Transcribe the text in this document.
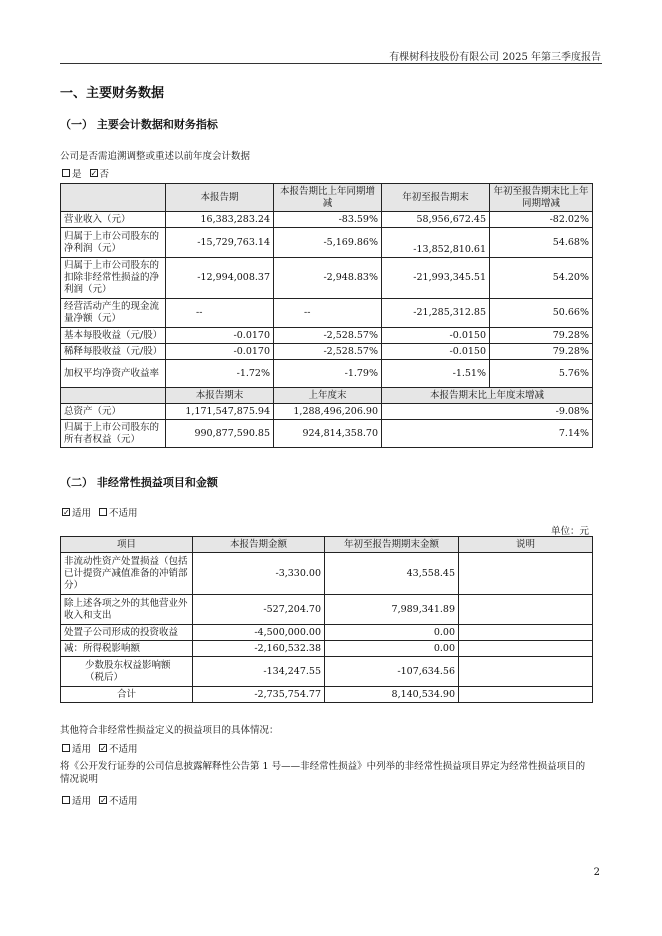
有棵树科技股份有限公司 2025 年第三季度报告
一、主要财务数据
（一） 主要会计数据和财务指标
公司是否需追溯调整或重述以前年度会计数据
是 ✓ 否
	本报告期	本报告期比上年同期增减	年初至报告期末	年初至报告期末比上年同期增减
营业收入（元）	16,383,283.24	-83.59%	58,956,672.45	-82.02%
归属于上市公司股东的净利润（元）	-15,729,763.14	-5,169.86%	-13,852,810.61	54.68%
归属于上市公司股东的扣除非经常性损益的净利润（元）	-12,994,008.37	-2,948.83%	-21,993,345.51	54.20%
经营活动产生的现金流量净额（元）	--	--	-21,285,312.85	50.66%
基本每股收益（元/股）	-0.0170	-2,528.57%	-0.0150	79.28%
稀释每股收益（元/股）	-0.0170	-2,528.57%	-0.0150	79.28%
加权平均净资产收益率	-1.72%	-1.79%	-1.51%	5.76%
	本报告期末	上年度末	本报告期末比上年度末增减	
总资产（元）	1,171,547,875.94	1,288,496,206.90	-9.08%	
归属于上市公司股东的所有者权益（元）	990,877,590.85	924,814,358.70	7.14%	
（二） 非经常性损益项目和金额
✓
适用 不适用
单位：元
项目	本报告期金额	年初至报告期期末金额	说明
非流动性资产处置损益（包括已计提资产减值准备的冲销部分）	-3,330.00	43,558.45	
除上述各项之外的其他营业外收入和支出	-527,204.70	7,989,341.89	
处置子公司形成的投资收益	-4,500,000.00	0.00	
减：所得税影响额	-2,160,532.38	0.00	
少数股东权益影响额（税后）	-134,247.55	-107,634.56	
合计	-2,735,754.77	8,140,534.90	
其他符合非经常性损益定义的损益项目的具体情况：
适用 ✓ 不适用
将《公开发行证券的公司信息披露解释性公告第 1 号——非经常性损益》中列举的非经常性损益项目界定为经常性损益项目的情况说明
适用 ✓ 不适用
2
